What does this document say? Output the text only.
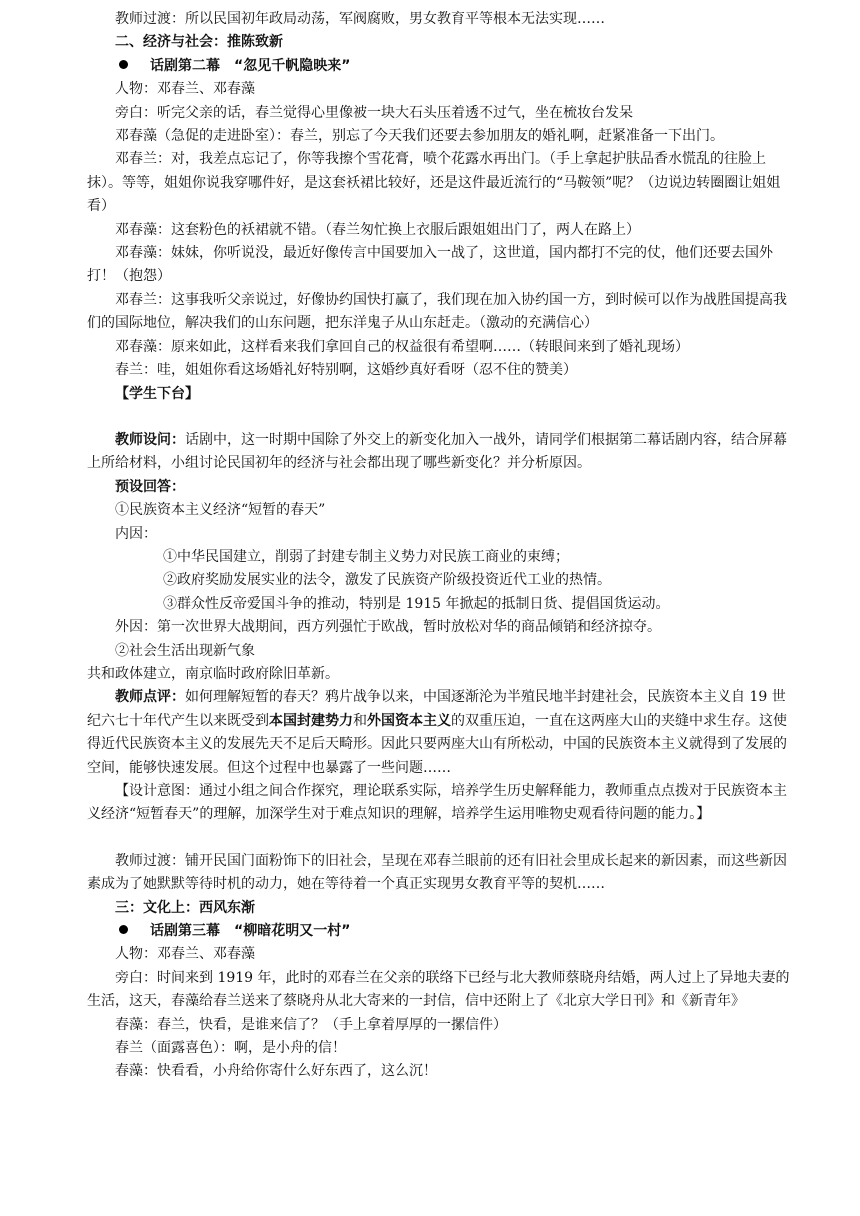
教师过渡：所以民国初年政局动荡，军阀腐败，男女教育平等根本无法实现……

二、经济与社会：推陈致新

话剧第二幕　“忽见千帆隐映来”

人物：邓春兰、邓春藻

旁白：听完父亲的话，春兰觉得心里像被一块大石头压着透不过气，坐在梳妆台发呆

邓春藻（急促的走进卧室）：春兰，别忘了今天我们还要去参加朋友的婚礼啊，赶紧准备一下出门。

邓春兰：对，我差点忘记了，你等我擦个雪花膏，喷个花露水再出门。（手上拿起护肤品香水慌乱的往脸上抹）。等等，姐姐你说我穿哪件好，是这套袄裙比较好，还是这件最近流行的“马鞍领”呢？（边说边转圈圈让姐姐看）

邓春藻：这套粉色的袄裙就不错。（春兰匆忙换上衣服后跟姐姐出门了，两人在路上）

邓春藻：妹妹，你听说没，最近好像传言中国要加入一战了，这世道，国内都打不完的仗，他们还要去国外打！（抱怨）

邓春兰：这事我听父亲说过，好像协约国快打赢了，我们现在加入协约国一方，到时候可以作为战胜国提高我们的国际地位，解决我们的山东问题，把东洋鬼子从山东赶走。（激动的充满信心）

邓春藻：原来如此，这样看来我们拿回自己的权益很有希望啊……（转眼间来到了婚礼现场）

春兰：哇，姐姐你看这场婚礼好特别啊，这婚纱真好看呀（忍不住的赞美）

【学生下台】

教师设问：话剧中，这一时期中国除了外交上的新变化加入一战外，请同学们根据第二幕话剧内容，结合屏幕上所给材料，小组讨论民国初年的经济与社会都出现了哪些新变化？并分析原因。

预设回答：

①民族资本主义经济“短暂的春天”

内因：

①中华民国建立，削弱了封建专制主义势力对民族工商业的束缚；

②政府奖励发展实业的法令，激发了民族资产阶级投资近代工业的热情。

③群众性反帝爱国斗争的推动，特别是 1915 年掀起的抵制日货、提倡国货运动。

外因：第一次世界大战期间，西方列强忙于欧战，暂时放松对华的商品倾销和经济掠夺。

②社会生活出现新气象

共和政体建立，南京临时政府除旧革新。

教师点评：如何理解短暂的春天？鸦片战争以来，中国逐渐沦为半殖民地半封建社会，民族资本主义自 19 世纪六七十年代产生以来既受到本国封建势力和外国资本主义的双重压迫，一直在这两座大山的夹缝中求生存。这使得近代民族资本主义的发展先天不足后天畸形。因此只要两座大山有所松动，中国的民族资本主义就得到了发展的空间，能够快速发展。但这个过程中也暴露了一些问题……

【设计意图：通过小组之间合作探究，理论联系实际，培养学生历史解释能力，教师重点点拨对于民族资本主义经济“短暂春天”的理解，加深学生对于难点知识的理解，培养学生运用唯物史观看待问题的能力。】

教师过渡：铺开民国门面粉饰下的旧社会，呈现在邓春兰眼前的还有旧社会里成长起来的新因素，而这些新因素成为了她默默等待时机的动力，她在等待着一个真正实现男女教育平等的契机……

三：文化上：西风东渐

话剧第三幕　“柳暗花明又一村”

人物：邓春兰、邓春藻

旁白：时间来到 1919 年，此时的邓春兰在父亲的联络下已经与北大教师蔡晓舟结婚，两人过上了异地夫妻的生活，这天，春藻给春兰送来了蔡晓舟从北大寄来的一封信，信中还附上了《北京大学日刊》和《新青年》

春藻：春兰，快看，是谁来信了？（手上拿着厚厚的一摞信件）

春兰（面露喜色）：啊，是小舟的信！

春藻：快看看，小舟给你寄什么好东西了，这么沉！
